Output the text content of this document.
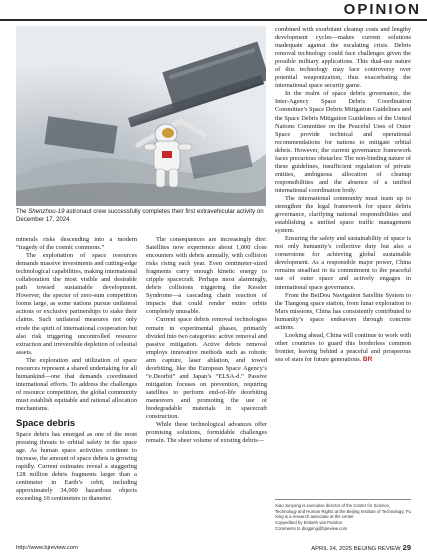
OPINION
The Shenzhou-19 astronaut crew successfully completes their first extravehicular activity on December 17, 2024

minerals risks descending into a modern “tragedy of the cosmic commons.”

The exploitation of space resources demands massive investments and cutting-edge technological capabilities, making international collaboration the most visible and desirable path toward sustainable development. However, the specter of zero-sum competition looms large, as some nations pursue unilateral actions or exclusive partnerships to stake their claims. Such unilateral measures not only erode the spirit of international cooperation but also risk triggering uncontrolled resource extraction and irreversible depletion of celestial assets.

The exploration and utilization of space resources represent a shared undertaking for all humankind—one that demands coordinated international efforts. To address the challenges of resource competition, the global community must establish equitable and rational allocation mechanisms.

Space debris

Space debris has emerged as one of the most pressing threats to orbital safety in the space age. As human space activities continue to increase, the amount of space debris is growing rapidly. Current estimates reveal a staggering 128 million debris fragments larger than a centimeter in Earth’s orbit, including approximately 34,000 hazardous objects exceeding 10 centimeters in diameter.

The consequences are increasingly dire: Satellites now experience about 1,000 close encounters with debris annually, with collision risks rising each year. Even centimeter-sized fragments carry enough kinetic energy to cripple spacecraft. Perhaps most alarmingly, debris collisions triggering the Kessler Syndrome—a cascading chain reaction of impacts that could render entire orbits completely unusable.

Current space debris removal technologies remain in experimental phases, primarily divided into two categories: active removal and passive mitigation. Active debris removal employs innovative methods such as robotic arm capture, laser ablation, and towed deorbiting, like the European Space Agency’s “e.Deorbit” and Japan’s “ELSA-d.” Passive mitigation focuses on prevention, requiring satellites to perform end-of-life deorbiting maneuvers and promoting the use of biodegradable materials in spacecraft construction.

While these technological advances offer promising solutions, formidable challenges remain. The sheer volume of existing debris—

combined with exorbitant cleanup costs and lengthy development cycles—makes current solutions inadequate against the escalating crisis. Debris removal technology could face challenges given the possible military applications. This dual-use nature of this technology may face controversy over potential weaponization, thus exacerbating the international space security game.

In the realm of space debris governance, the Inter-Agency Space Debris Coordination Committee’s Space Debris Mitigation Guidelines and the Space Debris Mitigation Guidelines of the United Nations Committee on the Peaceful Uses of Outer Space provide technical and operational recommendations for nations to mitigate orbital debris. However, the current governance framework faces precarious obstacles: The non-binding nature of these guidelines, insufficient regulation of private entities, ambiguous allocation of cleanup responsibilities and the absence of a unified international coordination body.

The international community must team up to strengthen the legal framework for space debris governance, clarifying national responsibilities and establishing a unified space traffic management system.

Ensuring the safety and sustainability of space is not only humanity’s collective duty but also a cornerstone for achieving global sustainable development. As a responsible major power, China remains steadfast in its commitment to the peaceful use of outer space and actively engages in international space governance.

From the BeiDou Navigation Satellite System to the Tiangong space station, from lunar exploration to Mars missions, China has consistently contributed to humanity’s space endeavors through concrete actions.

Looking ahead, China will continue to work with other countries to guard this borderless common frontier, leaving behind a peaceful and prosperous sea of stars for future generations. BR

Xiao Junyong is executive director of the Center for Science, Technology and Human Rights at the Beijing Institute of Technology; Fu Xing is a research associate at the center
Copyedited by Elsbeth van Paridon
Comments to dingping@bjreview.com
http://www.bjreview.com	APRIL 24, 2025 BEIJING REVIEW 29
